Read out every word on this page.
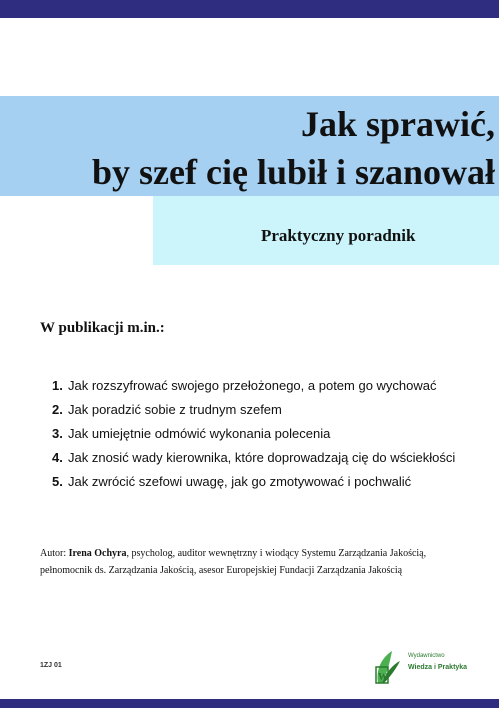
Jak sprawić,
by szef cię lubił i szanował

Praktyczny poradnik

W publikacji m.in.:

1. Jak rozszyfrować swojego przełożonego, a potem go wychować
2. Jak poradzić sobie z trudnym szefem
3. Jak umiejętnie odmówić wykonania polecenia
4. Jak znosić wady kierownika, które doprowadzają cię do wściekłości
5. Jak zwrócić szefowi uwagę, jak go zmotywować i pochwalić

Autor: Irena Ochyra, psycholog, auditor wewnętrzny i wiodący Systemu Zarządzania Jakością, pełnomocnik ds. Zarządzania Jakością, asesor Europejskiej Fundacji Zarządzania Jakością

1ZJ 01

W
Wydawnictwo
Wiedza i Praktyka
